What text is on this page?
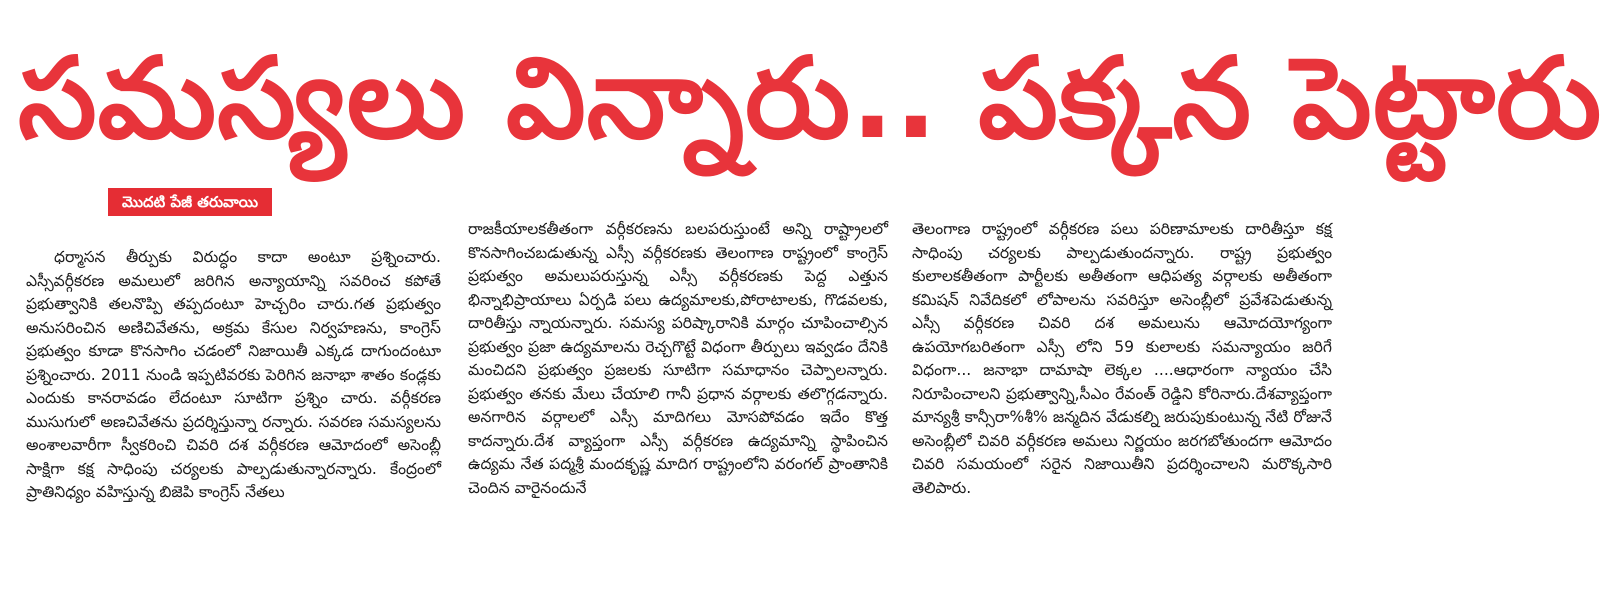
సమస్యలు విన్నారు.. పక్కన పెట్టారు
మొదటి పేజీ తరువాయి

ధర్మాసన తీర్పుకు విరుద్ధం కాదా అంటూ ప్రశ్నించారు. ఎస్సీవర్గీకరణ అమలులో జరిగిన అన్యాయాన్ని సవరించ కపోతే ప్రభుత్వానికి తలనొప్పి తప్పదంటూ హెచ్చరిం చారు.గత ప్రభుత్వం అనుసరించిన అణిచివేతను, అక్రమ కేసుల నిర్వహణను, కాంగ్రెస్ ప్రభుత్వం కూడా కొనసాగిం చడంలో నిజాయితీ ఎక్కడ దాగుందంటూ ప్రశ్నించారు. 2011 నుండి ఇప్పటివరకు పెరిగిన జనాభా శాతం కండ్లకు ఎందుకు కానరావడం లేదంటూ సూటిగా ప్రశ్నిం చారు. వర్గీకరణ ముసుగులో అణచివేతను ప్రదర్శిస్తున్నా రన్నారు. సవరణ సమస్యలను అంశాలవారీగా స్వీకరించి చివరి దశ వర్గీకరణ ఆమోదంలో అసెంబ్లీ సాక్షిగా కక్ష సాధింపు చర్యలకు పాల్పడుతున్నారన్నారు. కేంద్రంలో ప్రాతినిధ్యం వహిస్తున్న బిజెపి కాంగ్రెస్ నేతలు

రాజకీయాలకతీతంగా వర్గీకరణను బలపరుస్తుంటే అన్ని రాష్ట్రాలలో కొనసాగించబడుతున్న ఎస్సీ వర్గీకరణకు తెలంగాణ రాష్ట్రంలో కాంగ్రెస్ ప్రభుత్వం అమలుపరుస్తున్న ఎస్సీ వర్గీకరణకు పెద్ద ఎత్తున భిన్నాభిప్రాయాలు ఏర్పడి పలు ఉద్యమాలకు,పోరాటాలకు, గొడవలకు, దారితీస్తు న్నాయన్నారు. సమస్య పరిష్కారానికి మార్గం చూపించాల్సిన ప్రభుత్వం ప్రజా ఉద్యమాలను రెచ్చగొట్టే విధంగా తీర్పులు ఇవ్వడం దేనికి మంచిదని ప్రభుత్వం ప్రజలకు సూటిగా సమాధానం చెప్పాలన్నారు. ప్రభుత్వం తనకు మేలు చేయాలి గానీ ప్రధాన వర్గాలకు తలొగ్గడన్నారు. అనగారిన వర్గాలలో ఎస్సీ మాదిగలు మోసపోవడం ఇదేం కొత్త కాదన్నారు.దేశ వ్యాప్తంగా ఎస్సీ వర్గీకరణ ఉద్యమాన్ని స్థాపించిన ఉద్యమ నేత పద్మశ్రీ మందకృష్ణ మాదిగ రాష్ట్రంలోని వరంగల్ ప్రాంతానికి చెందిన వారైనందునే

తెలంగాణ రాష్ట్రంలో వర్గీకరణ పలు పరిణామాలకు దారితీస్తూ కక్ష సాధింపు చర్యలకు పాల్పడుతుందన్నారు. రాష్ట్ర ప్రభుత్వం కులాలకతీతంగా పార్టీలకు అతీతంగా ఆధిపత్య వర్గాలకు అతీతంగా కమిషన్ నివేదికలో లోపాలను సవరిస్తూ అసెంబ్లీలో ప్రవేశపెడుతున్న ఎస్సీ వర్గీకరణ చివరి దశ అమలును ఆమోదయోగ్యంగా ఉపయోగబరితంగా ఎస్సీ లోని 59 కులాలకు సమన్యాయం జరిగే విధంగా... జనాభా దామాషా లెక్కల ....ఆధారంగా న్యాయం చేసి నిరూపించాలని ప్రభుత్వాన్ని,సీఎం రేవంత్ రెడ్డిని కోరినారు.దేశవ్యాప్తంగా మాన్యశ్రీ కాన్సీరా%శీ% జన్మదిన వేడుకల్ని జరుపుకుంటున్న నేటి రోజునే అసెంబ్లీలో చివరి వర్గీకరణ అమలు నిర్ణయం జరగబోతుందగా ఆమోదం చివరి సమయంలో సరైన నిజాయితీని ప్రదర్శించాలని మరొక్కసారి తెలిపారు.
